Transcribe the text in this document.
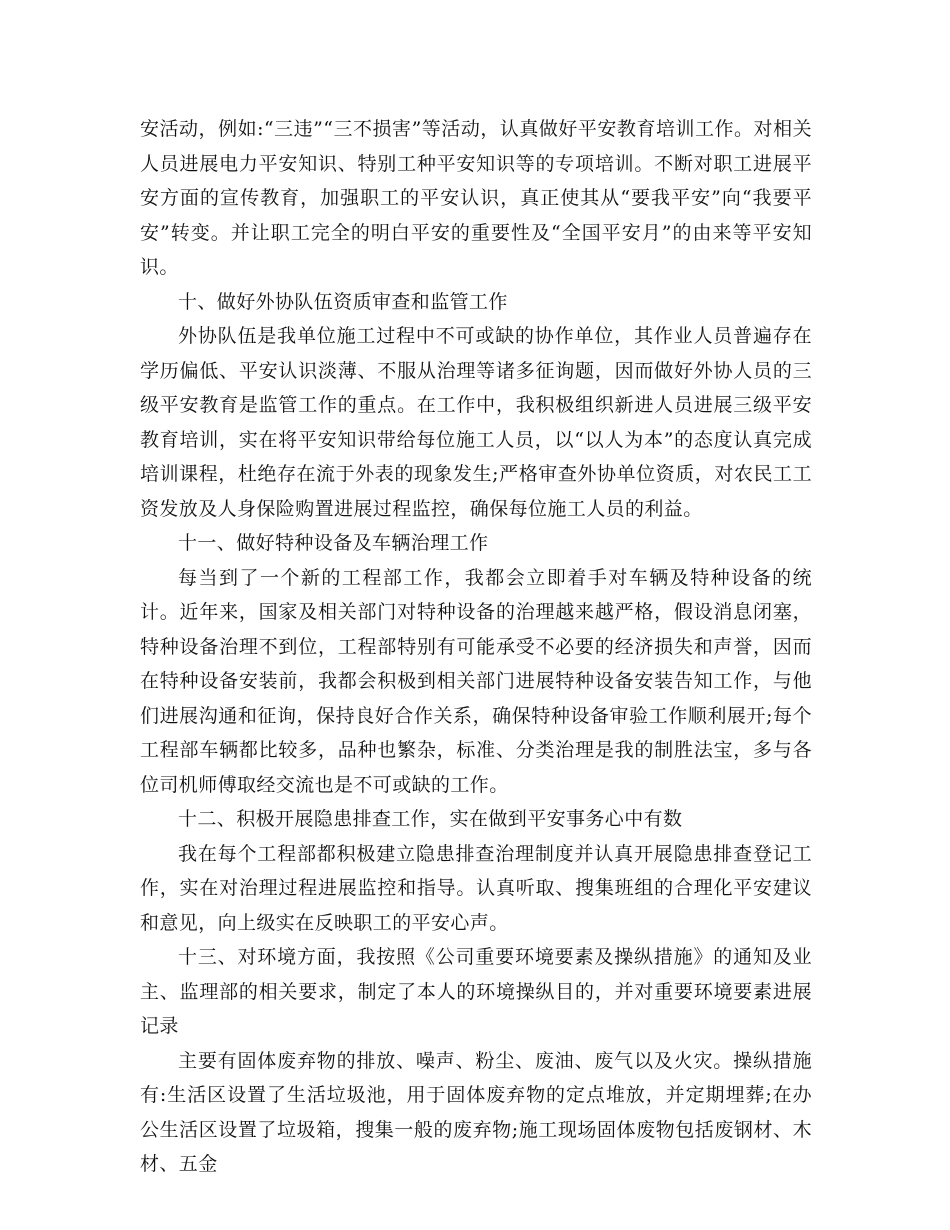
安活动，例如:“三违”“三不损害”等活动，认真做好平安教育培训工作。对相关人员进展电力平安知识、特别工种平安知识等的专项培训。不断对职工进展平安方面的宣传教育，加强职工的平安认识，真正使其从“要我平安”向“我要平安”转变。并让职工完全的明白平安的重要性及“全国平安月”的由来等平安知识。

十、做好外协队伍资质审查和监管工作

外协队伍是我单位施工过程中不可或缺的协作单位，其作业人员普遍存在学历偏低、平安认识淡薄、不服从治理等诸多征询题，因而做好外协人员的三级平安教育是监管工作的重点。在工作中，我积极组织新进人员进展三级平安教育培训，实在将平安知识带给每位施工人员，以“以人为本”的态度认真完成培训课程，杜绝存在流于外表的现象发生;严格审查外协单位资质，对农民工工资发放及人身保险购置进展过程监控，确保每位施工人员的利益。

十一、做好特种设备及车辆治理工作

每当到了一个新的工程部工作，我都会立即着手对车辆及特种设备的统计。近年来，国家及相关部门对特种设备的治理越来越严格，假设消息闭塞，特种设备治理不到位，工程部特别有可能承受不必要的经济损失和声誉，因而在特种设备安装前，我都会积极到相关部门进展特种设备安装告知工作，与他们进展沟通和征询，保持良好合作关系，确保特种设备审验工作顺利展开;每个工程部车辆都比较多，品种也繁杂，标准、分类治理是我的制胜法宝，多与各位司机师傅取经交流也是不可或缺的工作。

十二、积极开展隐患排查工作，实在做到平安事务心中有数

我在每个工程部都积极建立隐患排查治理制度并认真开展隐患排查登记工作，实在对治理过程进展监控和指导。认真听取、搜集班组的合理化平安建议和意见，向上级实在反映职工的平安心声。

十三、对环境方面，我按照《公司重要环境要素及操纵措施》的通知及业主、监理部的相关要求，制定了本人的环境操纵目的，并对重要环境要素进展记录

主要有固体废弃物的排放、噪声、粉尘、废油、废气以及火灾。操纵措施有:生活区设置了生活垃圾池，用于固体废弃物的定点堆放，并定期埋葬;在办公生活区设置了垃圾箱，搜集一般的废弃物;施工现场固体废物包括废钢材、木材、五金
